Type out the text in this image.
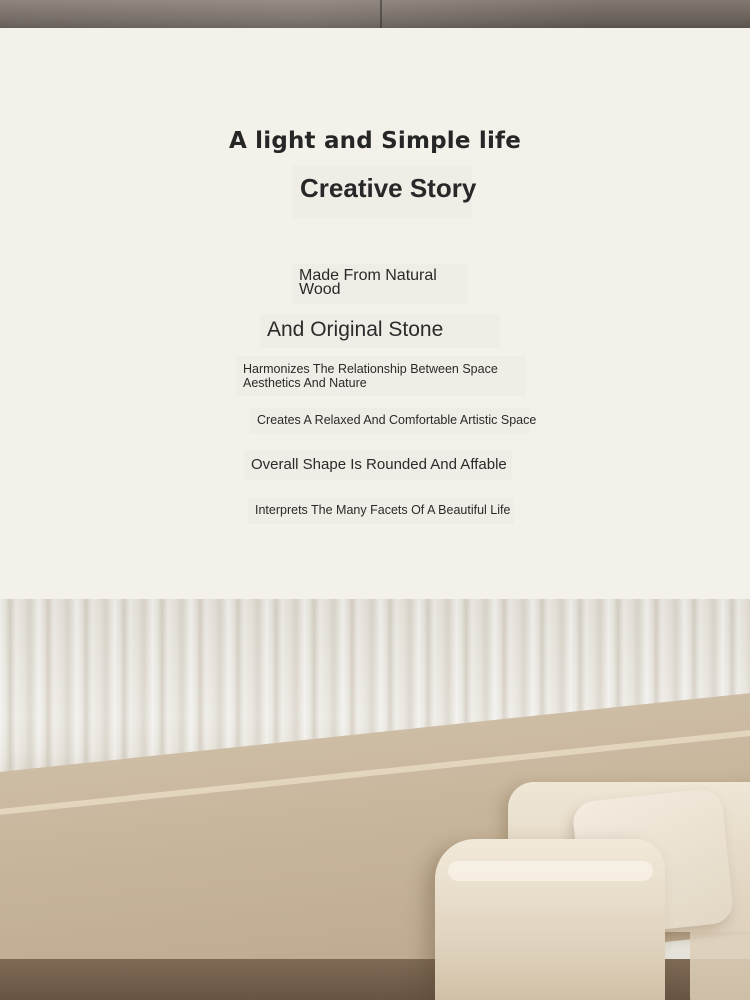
A light and Simple life
Creative Story

Made From Natural Wood

And Original Stone

Harmonizes The Relationship Between Space Aesthetics And Nature

Creates A Relaxed And Comfortable Artistic Space

Overall Shape Is Rounded And Affable

Interprets The Many Facets Of A Beautiful Life
